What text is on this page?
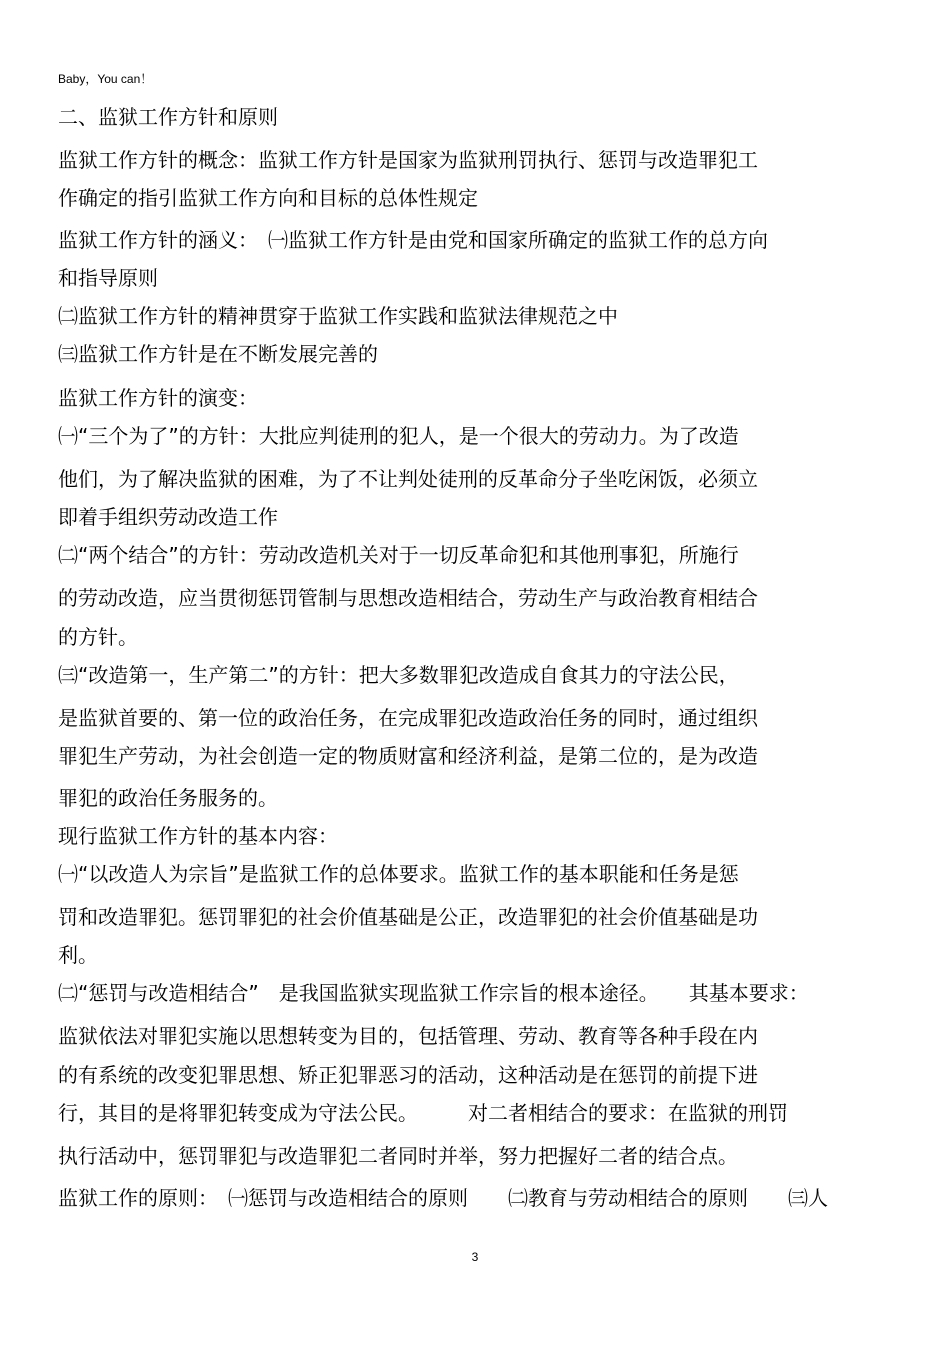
Baby，You can！
二、监狱工作方针和原则
监狱工作方针的概念：监狱工作方针是国家为监狱刑罚执行、惩罚与改造罪犯工
作确定的指引监狱工作方向和目标的总体性规定
监狱工作方针的涵义：　㈠监狱工作方针是由党和国家所确定的监狱工作的总方向
和指导原则
㈡监狱工作方针的精神贯穿于监狱工作实践和监狱法律规范之中
㈢监狱工作方针是在不断发展完善的
监狱工作方针的演变：
㈠“三个为了”的方针：大批应判徒刑的犯人，是一个很大的劳动力。为了改造
他们，为了解决监狱的困难，为了不让判处徒刑的反革命分子坐吃闲饭，必须立
即着手组织劳动改造工作
㈡“两个结合”的方针：劳动改造机关对于一切反革命犯和其他刑事犯，所施行
的劳动改造，应当贯彻惩罚管制与思想改造相结合，劳动生产与政治教育相结合
的方针。
㈢“改造第一，生产第二”的方针：把大多数罪犯改造成自食其力的守法公民，
是监狱首要的、第一位的政治任务，在完成罪犯改造政治任务的同时，通过组织
罪犯生产劳动，为社会创造一定的物质财富和经济利益，是第二位的，是为改造
罪犯的政治任务服务的。
现行监狱工作方针的基本内容：
㈠“以改造人为宗旨”是监狱工作的总体要求。监狱工作的基本职能和任务是惩
罚和改造罪犯。惩罚罪犯的社会价值基础是公正，改造罪犯的社会价值基础是功
利。
㈡“惩罚与改造相结合”　是我国监狱实现监狱工作宗旨的根本途径。　　其基本要求：
监狱依法对罪犯实施以思想转变为目的，包括管理、劳动、教育等各种手段在内
的有系统的改变犯罪思想、矫正犯罪恶习的活动，这种活动是在惩罚的前提下进
行，其目的是将罪犯转变成为守法公民。　　　对二者相结合的要求：在监狱的刑罚
执行活动中，惩罚罪犯与改造罪犯二者同时并举，努力把握好二者的结合点。
监狱工作的原则：　㈠惩罚与改造相结合的原则　　㈡教育与劳动相结合的原则　　㈢人
3
